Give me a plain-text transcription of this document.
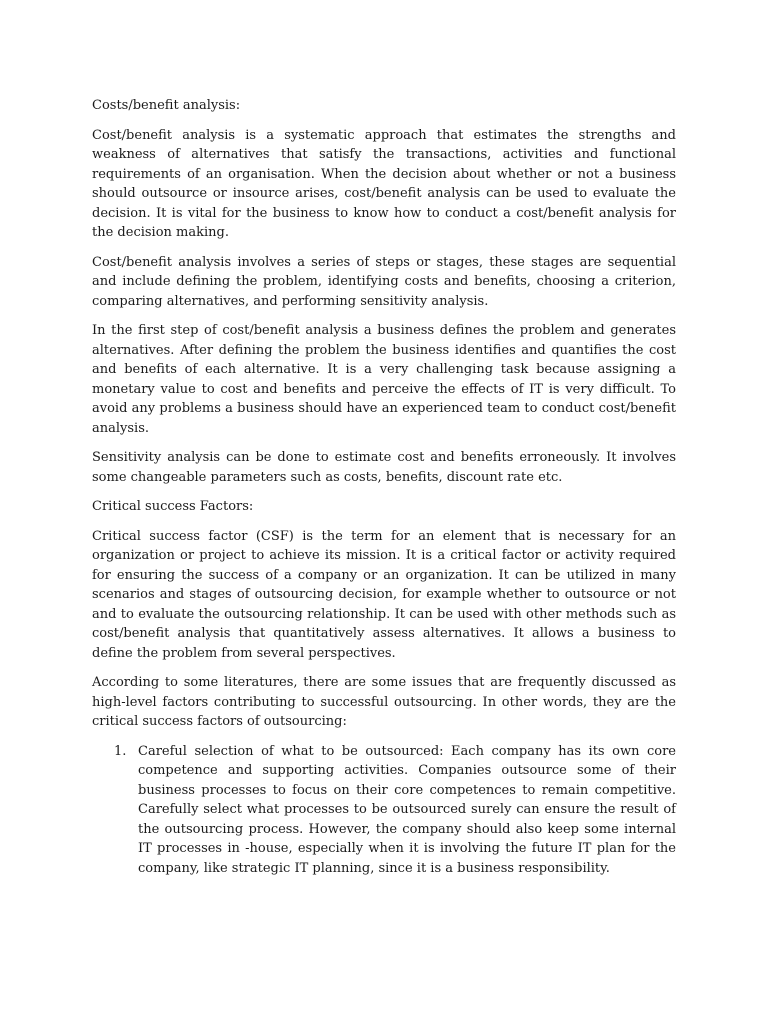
Costs/benefit analysis:

Cost/benefit analysis is a systematic approach that estimates the strengths and weakness of alternatives that satisfy the transactions, activities and functional requirements of an organisation. When the decision about whether or not a business should outsource or insource arises, cost/benefit analysis can be used to evaluate the decision. It is vital for the business to know how to conduct a cost/benefit analysis for the decision making.

Cost/benefit analysis involves a series of steps or stages, these stages are sequential and include defining the problem, identifying costs and benefits, choosing a criterion, comparing alternatives, and performing sensitivity analysis.

In the first step of cost/benefit analysis a business defines the problem and generates alternatives. After defining the problem the business identifies and quantifies the cost and benefits of each alternative. It is a very challenging task because assigning a monetary value to cost and benefits and perceive the effects of IT is very difficult. To avoid any problems a business should have an experienced team to conduct cost/benefit analysis.

Sensitivity analysis can be done to estimate cost and benefits erroneously. It involves some changeable parameters such as costs, benefits, discount rate etc.

Critical success Factors:

Critical success factor (CSF) is the term for an element that is necessary for an organization or project to achieve its mission. It is a critical factor or activity required for ensuring the success of a company or an organization. It can be utilized in many scenarios and stages of outsourcing decision, for example whether to outsource or not and to evaluate the outsourcing relationship. It can be used with other methods such as cost/benefit analysis that quantitatively assess alternatives. It allows a business to define the problem from several perspectives.

According to some literatures, there are some issues that are frequently discussed as high-level factors contributing to successful outsourcing. In other words, they are the critical success factors of outsourcing:

1. Careful selection of what to be outsourced: Each company has its own core competence and supporting activities. Companies outsource some of their business processes to focus on their core competences to remain competitive. Carefully select what processes to be outsourced surely can ensure the result of the outsourcing process. However, the company should also keep some internal IT processes in -house, especially when it is involving the future IT plan for the company, like strategic IT planning, since it is a business responsibility.
